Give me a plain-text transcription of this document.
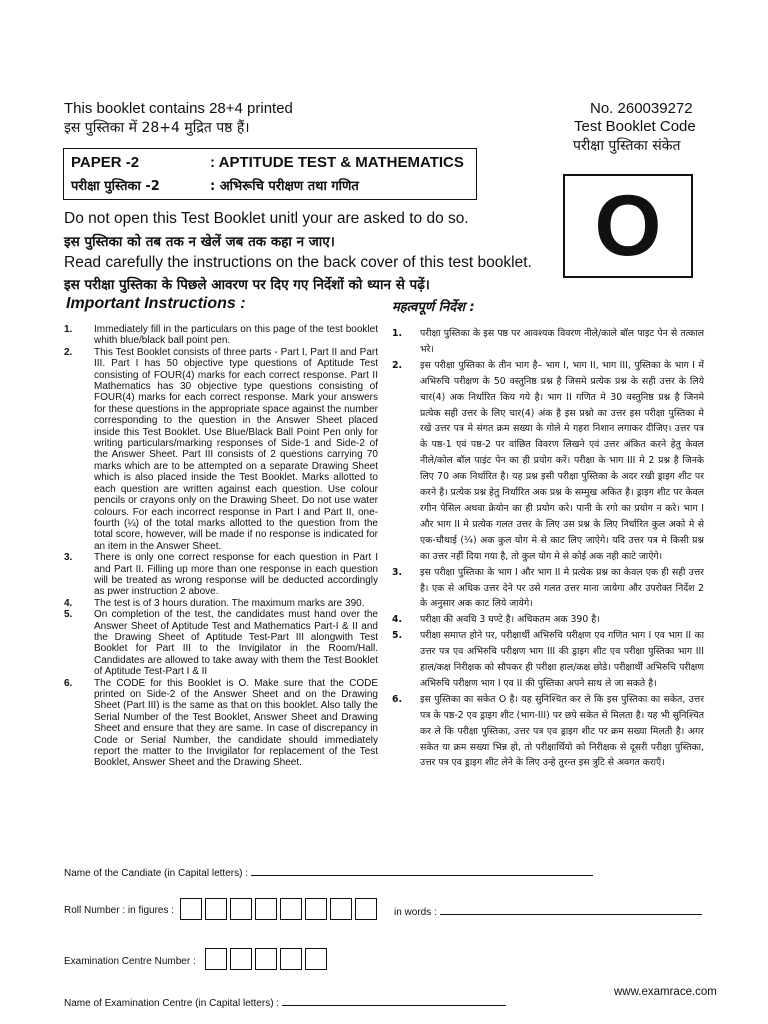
This booklet contains 28+4 printed
इस पुस्तिका में 28+4 मुद्रित पष्ठ हैं।
No. 260039272
Test Booklet Code
परीक्षा पुस्तिका संकेत
PAPER -2	: APTITUDE TEST & MATHEMATICS
परीक्षा पुस्तिका -2	: अभिरूचि परीक्षण तथा गणित	O
Do not open this Test Booklet unitl your are asked to do so.
इस पुस्तिका को तब तक न खेलें जब तक कहा न जाए।
Read carefully the instructions on the back cover of this test booklet.
इस परीक्षा पुस्तिका के पिछले आवरण पर दिए गए निर्देशों को ध्यान से पढ़ें।
Important Instructions :	महत्वपूर्ण निर्देश :
1.	Immediately fill in the particulars on this page of the test booklet whith blue/black ball point pen.
2.	This Test Booklet consists of three parts - Part I, Part II and Part III. Part I has 50 objective type questions of Aptitude Test consisting of FOUR(4) marks for each correct response. Part II Mathematics has 30 objective type questions consisting of FOUR(4) marks for each correct response. Mark your answers for these questions in the appropriate space against the number corresponding to the question in the Answer Sheet placed inside this Test Booklet. Use Blue/Black Ball Point Pen only for writing particulars/marking responses of Side-1 and Side-2 of the Answer Sheet. Part III consists of 2 questions carrying 70 marks which are to be attempted on a separate Drawing Sheet which is also placed inside the Test Booklet. Marks allotted to each question are written against each question. Use colour pencils or crayons only on the Drawing Sheet. Do not use water colours. For each incorrect response in Part I and Part II, one-fourth (¼) of the total marks allotted to the question from the total score, however, will be made if no response is indicated for an item in the Answer Sheet.
3.	There is only one correct response for each question in Part I and Part II. Filling up more than one response in each question will be treated as wrong response will be deducted accordingly as pwer instruction 2 above.
4.	The test is of 3 hours duration. The maximum marks are 390.
5.	On completion of the test, the candidates must hand over the Answer Sheet of Aptitude Test and Mathematics Part-I & II and the Drawing Sheet of Aptitude Test-Part III alongwith Test Booklet for Part III to the Invigilator in the Room/Hall. Candidates are allowed to take away with them the Test Booklet of Aptitude Test-Part I & II
6.	The CODE for this Booklet is O. Make sure that the CODE printed on Side-2 of the Answer Sheet and on the Drawing Sheet (Part III) is the same as that on this booklet. Also tally the Serial Number of the Test Booklet, Answer Sheet and Drawing Sheet and ensure that they are same. In case of discrepancy in Code or Serial Number, the candidate should immediately report the matter to the Invigilator for replacement of the Test Booklet, Answer Sheet and the Drawing Sheet.
1.	परीक्षा पुस्तिका के इस पष्ठ पर आवश्यक विवरण नीले/काले बॉल पाइट पेन से तत्काल भरे।
2.	इस परीक्षा पुस्तिका के तीन भाग है– भाग I, भाग II, भाग III, पुस्तिका के भाग I में अभिरुचि परीक्षण के 50 वस्तुनिष्ठ प्रश्न है जिसमे प्रत्येक प्रश्न के सही उत्तर के लिये चार(4) अक निर्धारित किय गये है। भाग II गणित मे 30 वस्तुनिष्ठ प्रश्न है जिनमे प्रत्येक सही उत्तर के लिए चार(4) अंक है इस प्रश्नो का उत्तर इस परीक्षा पुस्तिका मे रखे उत्तर पत्र मे संगत क्रम सख्या के गोले मे गहरा निशान लगाकर दीजिए। उत्तर पत्र के पष्ठ-1 एवं पष्ठ-2 पर वांछित विवरण लिखने एवं उत्तर अंकित करने हेतु केवल नीले/कोल बॉल पाइंट पेन का ही प्रयोग करें। परीक्षा के भाग III मे 2 प्रश्न है जिनके लिए 70 अक निर्धारित है। यह प्रश्न इसी परीक्षा पुस्तिका के अदर रखी ड्राइग शीट पर करने है। प्रत्येक प्रश्न हेतु निर्धारित अक प्रश्न के सम्मुख अकित है। ड्राइग शीट पर केवल रगीन पेसिल अथवा क्रेयोन का ही प्रयोग करे। पानी के रगो का प्रयोग न करे। भाग I और भाग II मे प्रत्येक गलत उत्तर के लिए उस प्रश्न के लिए निर्धारित कुल अको मे से एक-चौथाई (¼) अक कुल योग मे से काट लिए जाऐगे। यदि उत्तर पत्र मे किसी प्रश्न का उत्तर नहीं दिया गया है, तो कुल योग मे से कोई अक नही काटे जाऐगे।
3.	इस परीक्षा पुस्तिका के भाग I और भाग II मे प्रत्येक प्रश्न का केवल एक ही सही उत्तर है। एक से अधिक उत्तर देने पर उसे गलत उत्तर माना जायेगा और उपरोक्त निर्देश 2 के अनुसार अक काट लिये जायेगे।
4.	परीक्षा की अवधि 3 घण्टे है। अधिकतम अक 390 है।
5.	परीक्षा समाप्त होने पर, परीक्षार्थी अभिरुचि परीक्षण एव गणित भाग I एव भाग II का उत्तर पत्र एव अभिरुचि परीक्षण भाग III की ड्राइग शीट एव परीक्षा पुस्तिका भाग III हाल/कक्ष निरीक्षक को सौपकर ही परीक्षा हाल/कक्ष छोडे। परीक्षार्थी अभिरुचि परीक्षण अभिरुचि परीक्षण भाग I एव II की पुस्तिका अपने साथ ले जा सकते है।
6.	इस पुस्तिका का सकेत O है। यह सुनिश्चित कर ले कि इस पुस्तिका का सकेत, उत्तर पत्र के पष्ठ-2 एव ड्राइग शीट (भाग-III) पर छपे सकेत से मिलता है। यह भी सुनिश्चित कर ले कि परीक्षा पुस्तिका, उत्तर पत्र एव ड्राइग शीट पर क्रम सख्या मिलती है। अगर सकेत या क्रम सख्या भिन्न हो, तो परीक्षार्थियो को निरीक्षक से दूसरी परीक्षा पुस्तिका, उत्तर पत्र एव ड्राइग शीट लेने के लिए उन्हे तुरन्त इस त्रुटि से अवगत कराएँ।
Name of the Candiate (in Capital letters) :
Roll Number : in figures :	in words :
Examination Centre Number :
Name of Examination Centre (in Capital letters) :
www.examrace.com
